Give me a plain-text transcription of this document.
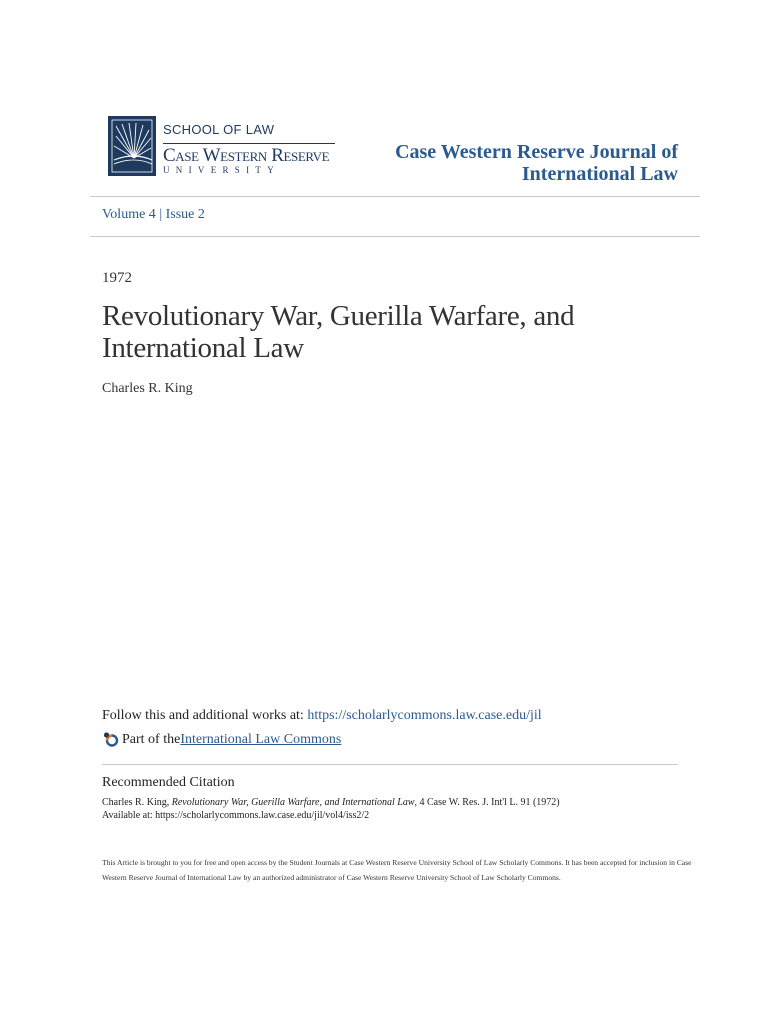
SCHOOL OF LAW
Case Western Reserve
UNIVERSITY
Case Western Reserve Journal of
International Law
Volume 4 | Issue 2
1972
Revolutionary War, Guerilla Warfare, and
International Law
Charles R. King
Follow this and additional works at: https://scholarlycommons.law.case.edu/jil
Part of the International Law Commons
Recommended Citation
Charles R. King, Revolutionary War, Guerilla Warfare, and International Law, 4 Case W. Res. J. Int'l L. 91 (1972)
Available at: https://scholarlycommons.law.case.edu/jil/vol4/iss2/2
This Article is brought to you for free and open access by the Student Journals at Case Western Reserve University School of Law Scholarly Commons. It has been accepted for inclusion in Case Western Reserve Journal of International Law by an authorized administrator of Case Western Reserve University School of Law Scholarly Commons.
